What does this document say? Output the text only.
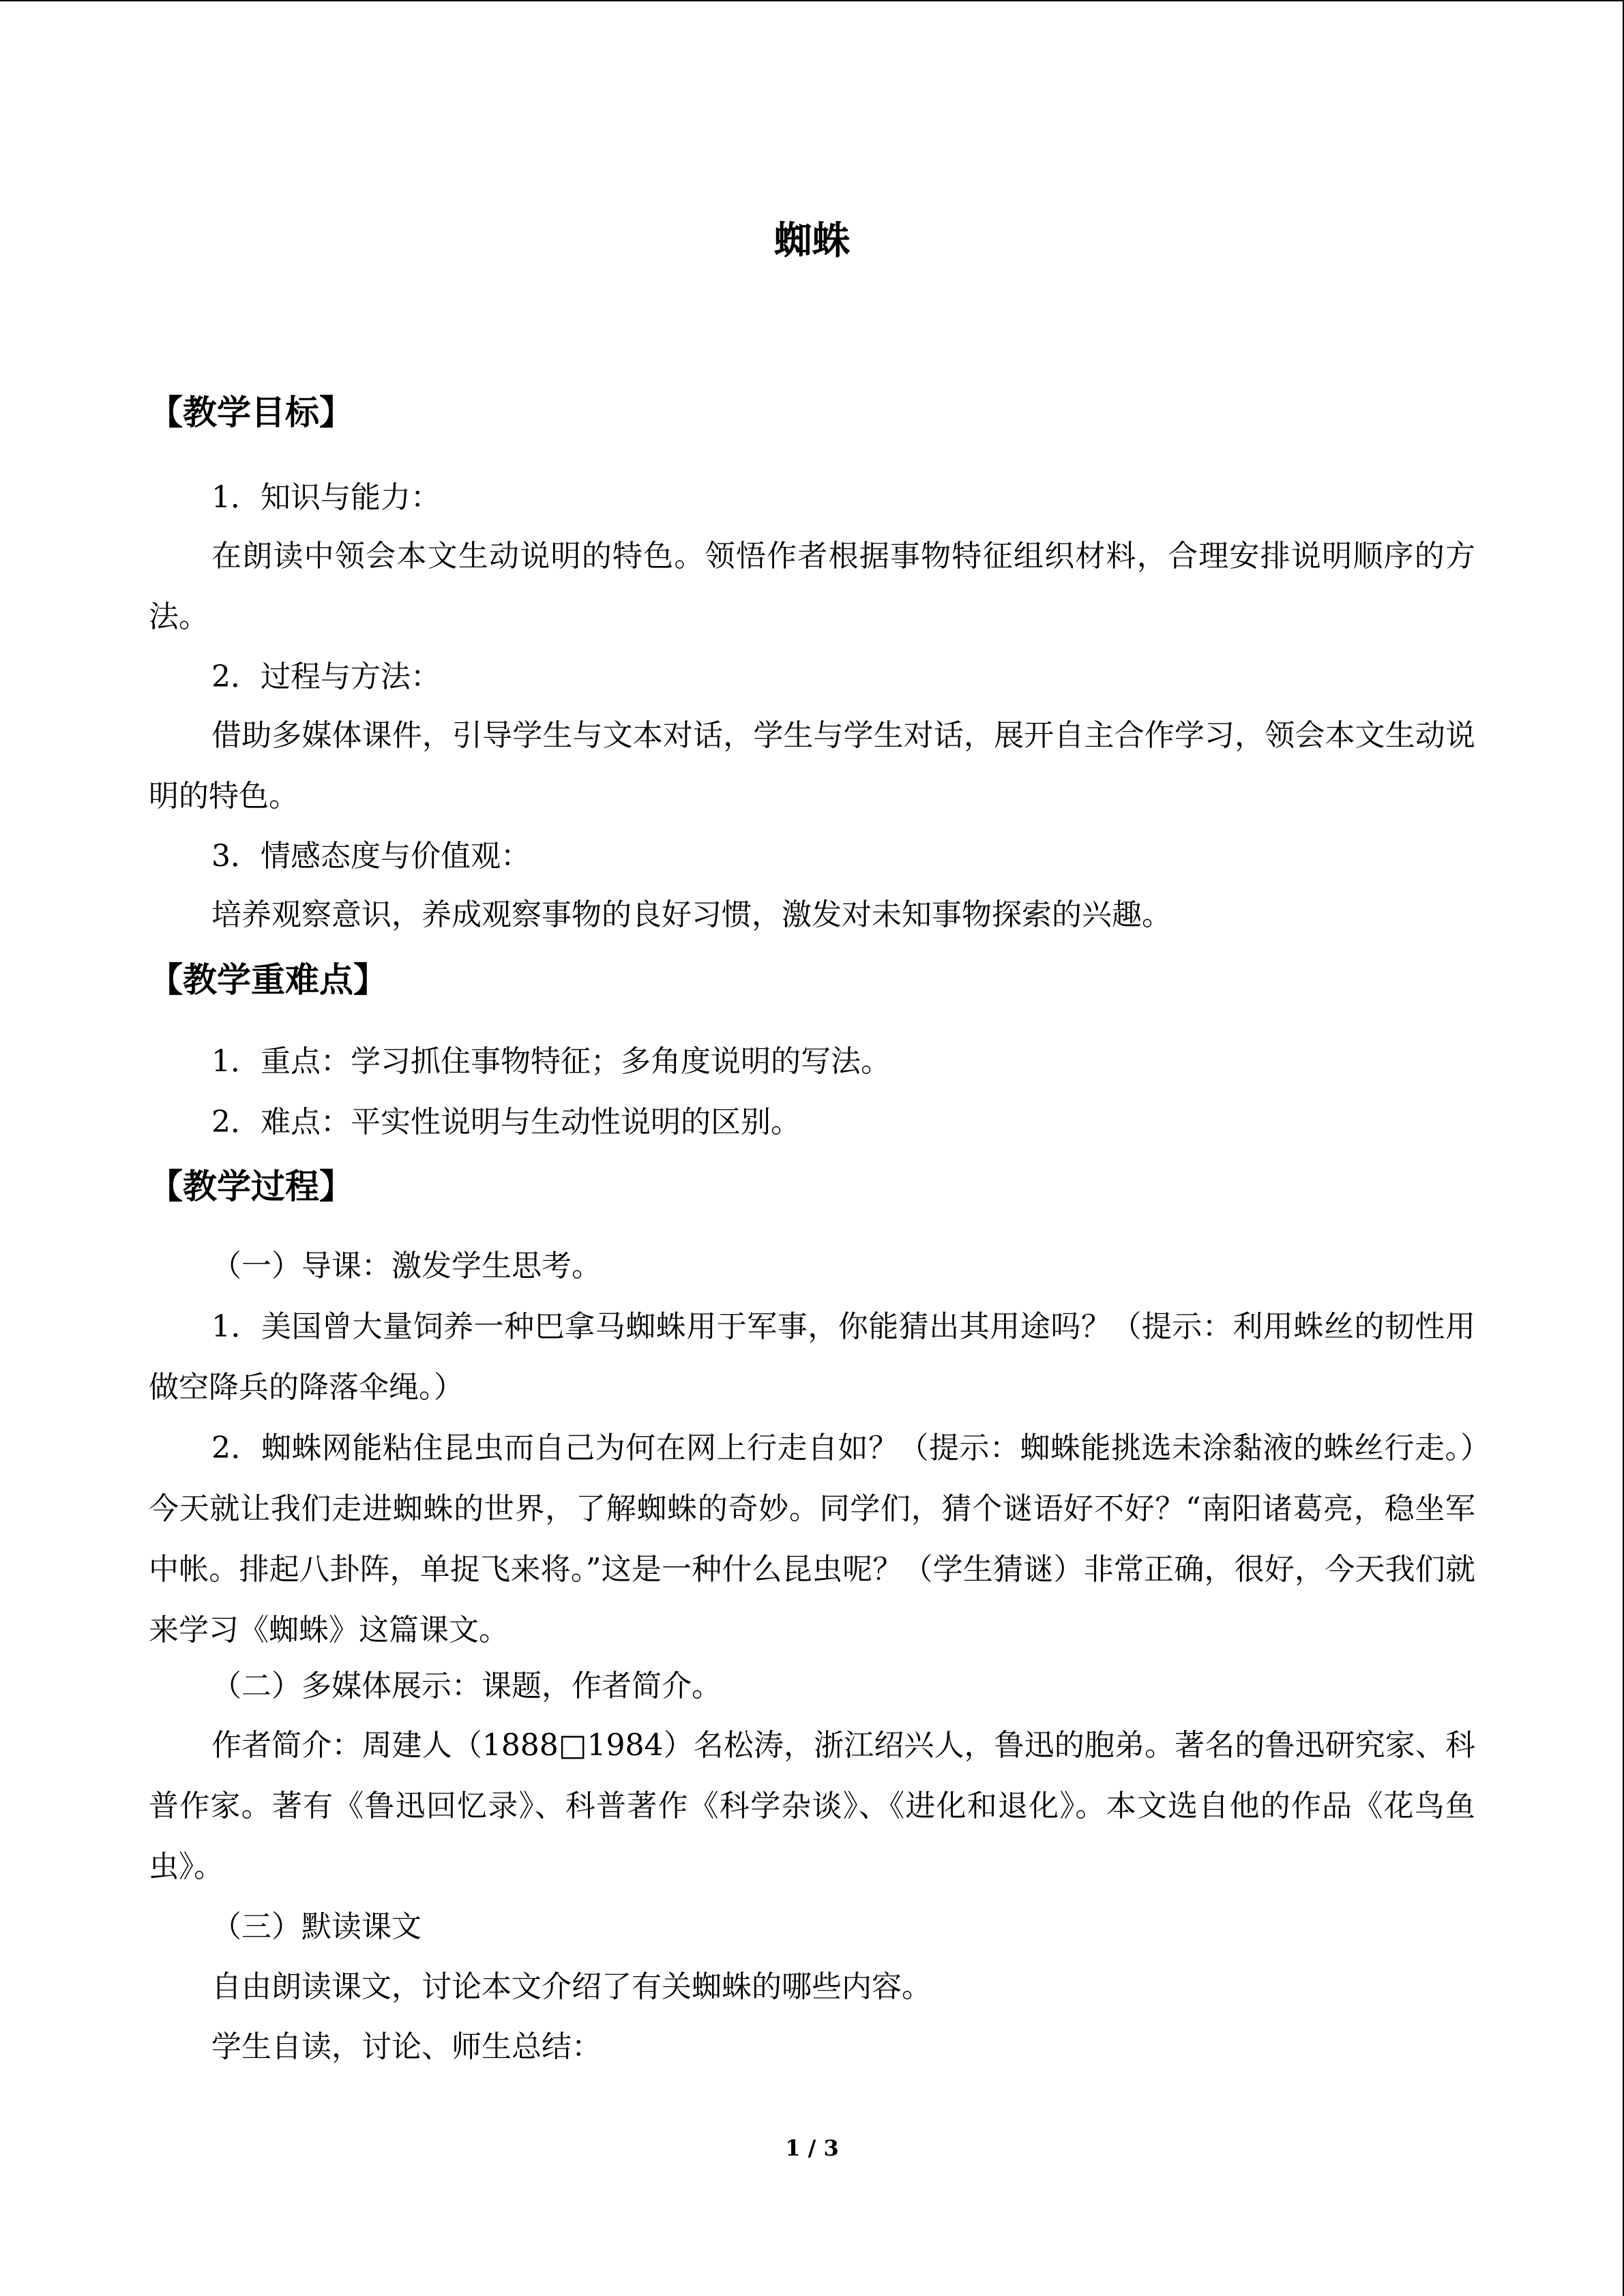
蜘蛛
【教学目标】
1．知识与能力：
在朗读中领会本文生动说明的特色。领悟作者根据事物特征组织材料，合理安排说明顺序的方法。
2．过程与方法：
借助多媒体课件，引导学生与文本对话，学生与学生对话，展开自主合作学习，领会本文生动说明的特色。
3．情感态度与价值观：
培养观察意识，养成观察事物的良好习惯，激发对未知事物探索的兴趣。
【教学重难点】
1．重点：学习抓住事物特征；多角度说明的写法。
2．难点：平实性说明与生动性说明的区别。
【教学过程】
（一）导课：激发学生思考。
1．美国曾大量饲养一种巴拿马蜘蛛用于军事，你能猜出其用途吗？（提示：利用蛛丝的韧性用做空降兵的降落伞绳。）
2．蜘蛛网能粘住昆虫而自己为何在网上行走自如？（提示：蜘蛛能挑选未涂黏液的蛛丝行走。）今天就让我们走进蜘蛛的世界，了解蜘蛛的奇妙。同学们，猜个谜语好不好？“南阳诸葛亮，稳坐军中帐。排起八卦阵，单捉飞来将。”这是一种什么昆虫呢？（学生猜谜）非常正确，很好，今天我们就来学习《蜘蛛》这篇课文。
（二）多媒体展示：课题，作者简介。
作者简介：周建人（1888□1984）名松涛，浙江绍兴人，鲁迅的胞弟。著名的鲁迅研究家、科普作家。著有《鲁迅回忆录》、科普著作《科学杂谈》、《进化和退化》。本文选自他的作品《花鸟鱼虫》。
（三）默读课文
自由朗读课文，讨论本文介绍了有关蜘蛛的哪些内容。
学生自读，讨论、师生总结：
1 / 3
